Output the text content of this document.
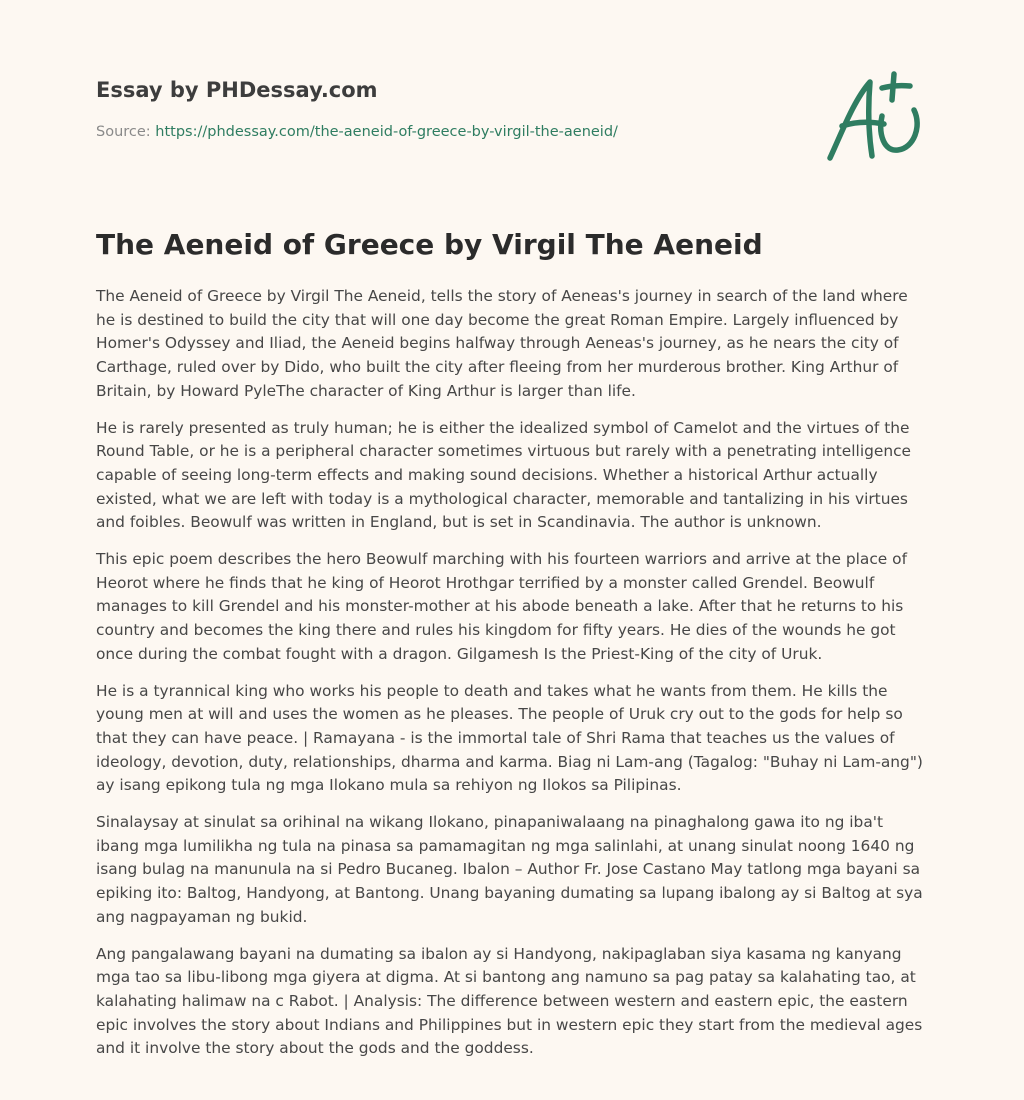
Essay by PHDessay.com
Source: https://phdessay.com/the-aeneid-of-greece-by-virgil-the-aeneid/
The Aeneid of Greece by Virgil The Aeneid

The Aeneid of Greece by Virgil The Aeneid, tells the story of Aeneas's journey in search of the land where he is destined to build the city that will one day become the great Roman Empire. Largely influenced by Homer's Odyssey and Iliad, the Aeneid begins halfway through Aeneas's journey, as he nears the city of Carthage, ruled over by Dido, who built the city after fleeing from her murderous brother. King Arthur of Britain, by Howard PyleThe character of King Arthur is larger than life.

He is rarely presented as truly human; he is either the idealized symbol of Camelot and the virtues of the Round Table, or he is a peripheral character sometimes virtuous but rarely with a penetrating intelligence capable of seeing long-term effects and making sound decisions. Whether a historical Arthur actually existed, what we are left with today is a mythological character, memorable and tantalizing in his virtues and foibles. Beowulf was written in England, but is set in Scandinavia. The author is unknown.

This epic poem describes the hero Beowulf marching with his fourteen warriors and arrive at the place of Heorot where he finds that he king of Heorot Hrothgar terrified by a monster called Grendel. Beowulf manages to kill Grendel and his monster-mother at his abode beneath a lake. After that he returns to his country and becomes the king there and rules his kingdom for fifty years. He dies of the wounds he got once during the combat fought with a dragon. Gilgamesh Is the Priest-King of the city of Uruk.

He is a tyrannical king who works his people to death and takes what he wants from them. He kills the young men at will and uses the women as he pleases. The people of Uruk cry out to the gods for help so that they can have peace. | Ramayana - is the immortal tale of Shri Rama that teaches us the values of ideology, devotion, duty, relationships, dharma and karma. Biag ni Lam-ang (Tagalog: "Buhay ni Lam-ang") ay isang epikong tula ng mga Ilokano mula sa rehiyon ng Ilokos sa Pilipinas.

Sinalaysay at sinulat sa orihinal na wikang Ilokano, pinapaniwalaang na pinaghalong gawa ito ng iba't ibang mga lumilikha ng tula na pinasa sa pamamagitan ng mga salinlahi, at unang sinulat noong 1640 ng isang bulag na manunula na si Pedro Bucaneg. Ibalon – Author Fr. Jose Castano May tatlong mga bayani sa epiking ito: Baltog, Handyong, at Bantong. Unang bayaning dumating sa lupang ibalong ay si Baltog at sya ang nagpayaman ng bukid.

Ang pangalawang bayani na dumating sa ibalon ay si Handyong, nakipaglaban siya kasama ng kanyang mga tao sa libu-libong mga giyera at digma. At si bantong ang namuno sa pag patay sa kalahating tao, at kalahating halimaw na c Rabot. | Analysis: The difference between western and eastern epic, the eastern epic involves the story about Indians and Philippines but in western epic they start from the medieval ages and it involve the story about the gods and the goddess.
